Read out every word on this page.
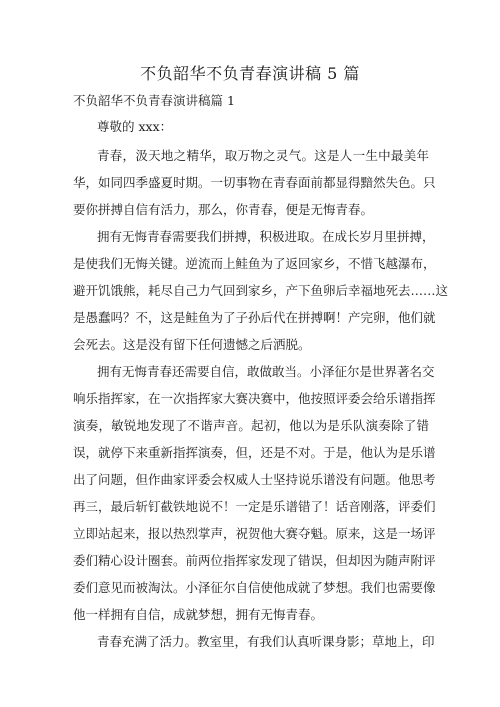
不负韶华不负青春演讲稿 5 篇
不负韶华不负青春演讲稿篇 1
尊敬的 xxx：
青春，汲天地之精华，取万物之灵气。这是人一生中最美年
华，如同四季盛夏时期。一切事物在青春面前都显得黯然失色。只
要你拼搏自信有活力，那么，你青春，便是无悔青春。
拥有无悔青春需要我们拼搏，积极进取。在成长岁月里拼搏，
是使我们无悔关键。逆流而上鲑鱼为了返回家乡，不惜飞越瀑布，
避开饥饿熊，耗尽自己力气回到家乡，产下鱼卵后幸福地死去……这
是愚蠢吗？不，这是鲑鱼为了子孙后代在拼搏啊！产完卵，他们就
会死去。这是没有留下任何遗憾之后洒脱。
拥有无悔青春还需要自信，敢做敢当。小泽征尔是世界著名交
响乐指挥家，在一次指挥家大赛决赛中，他按照评委会给乐谱指挥
演奏，敏锐地发现了不谐声音。起初，他以为是乐队演奏除了错
误，就停下来重新指挥演奏，但，还是不对。于是，他认为是乐谱
出了问题，但作曲家评委会权威人士坚持说乐谱没有问题。他思考
再三，最后斩钉截铁地说不！一定是乐谱错了！话音刚落，评委们
立即站起来，报以热烈掌声，祝贺他大赛夺魁。原来，这是一场评
委们精心设计圈套。前两位指挥家发现了错误，但却因为随声附评
委们意见而被淘汰。小泽征尔自信使他成就了梦想。我们也需要像
他一样拥有自信，成就梦想，拥有无悔青春。
青春充满了活力。教室里，有我们认真听课身影；草地上，印
